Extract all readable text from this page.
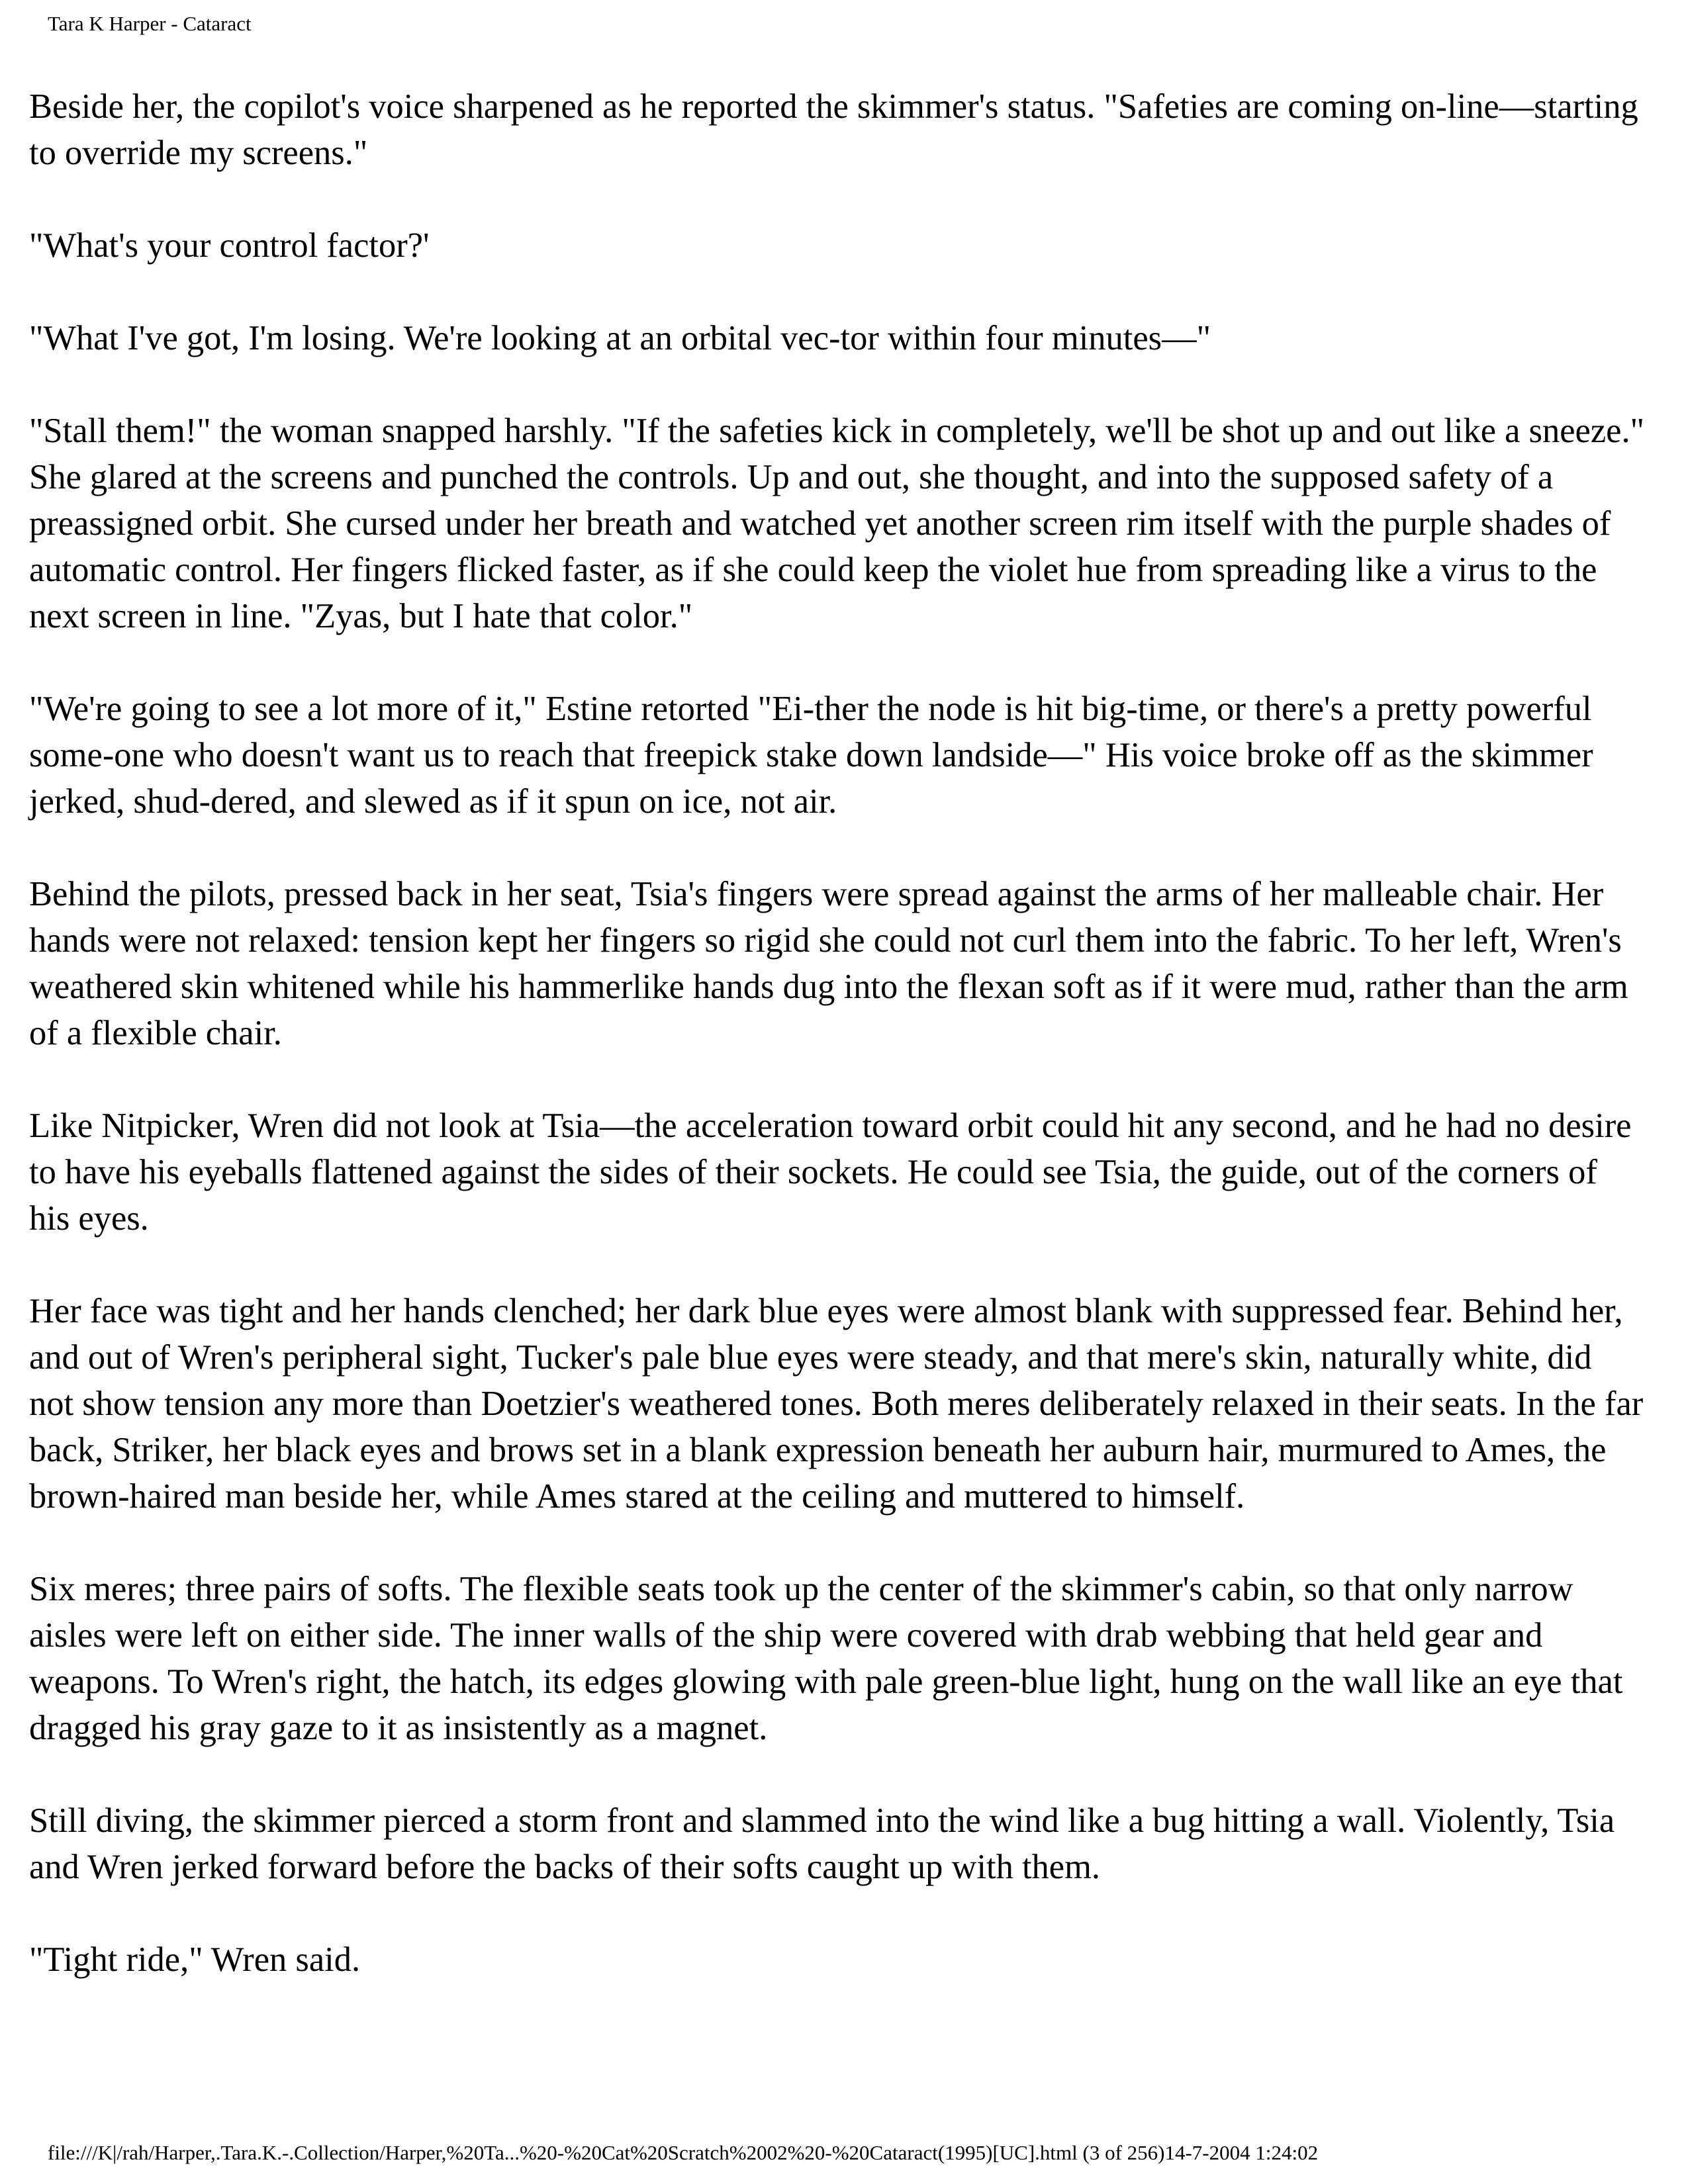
Tara K Harper - Cataract

Beside her, the copilot's voice sharpened as he reported the skimmer's status. "Safeties are coming on-line—starting to override my screens."

"What's your control factor?'

"What I've got, I'm losing. We're looking at an orbital vec-tor within four minutes—"

"Stall them!" the woman snapped harshly. "If the safeties kick in completely, we'll be shot up and out like a sneeze." She glared at the screens and punched the controls. Up and out, she thought, and into the supposed safety of a preassigned orbit. She cursed under her breath and watched yet another screen rim itself with the purple shades of automatic control. Her fingers flicked faster, as if she could keep the violet hue from spreading like a virus to the next screen in line. "Zyas, but I hate that color."

"We're going to see a lot more of it," Estine retorted "Ei-ther the node is hit big-time, or there's a pretty powerful some-one who doesn't want us to reach that freepick stake down landside—" His voice broke off as the skimmer jerked, shud-dered, and slewed as if it spun on ice, not air.

Behind the pilots, pressed back in her seat, Tsia's fingers were spread against the arms of her malleable chair. Her hands were not relaxed: tension kept her fingers so rigid she could not curl them into the fabric. To her left, Wren's weathered skin whitened while his hammerlike hands dug into the flexan soft as if it were mud, rather than the arm of a flexible chair.

Like Nitpicker, Wren did not look at Tsia—the acceleration toward orbit could hit any second, and he had no desire to have his eyeballs flattened against the sides of their sockets. He could see Tsia, the guide, out of the corners of his eyes.

Her face was tight and her hands clenched; her dark blue eyes were almost blank with suppressed fear. Behind her, and out of Wren's peripheral sight, Tucker's pale blue eyes were steady, and that mere's skin, naturally white, did not show tension any more than Doetzier's weathered tones. Both meres deliberately relaxed in their seats. In the far back, Striker, her black eyes and brows set in a blank expression beneath her auburn hair, murmured to Ames, the brown-haired man beside her, while Ames stared at the ceiling and muttered to himself.

Six meres; three pairs of softs. The flexible seats took up the center of the skimmer's cabin, so that only narrow aisles were left on either side. The inner walls of the ship were covered with drab webbing that held gear and weapons. To Wren's right, the hatch, its edges glowing with pale green-blue light, hung on the wall like an eye that dragged his gray gaze to it as insistently as a magnet.

Still diving, the skimmer pierced a storm front and slammed into the wind like a bug hitting a wall. Violently, Tsia and Wren jerked forward before the backs of their softs caught up with them.

"Tight ride," Wren said.

file:///K|/rah/Harper,.Tara.K.-.Collection/Harper,%20Ta...%20-%20Cat%20Scratch%2002%20-%20Cataract(1995)[UC].html (3 of 256)14-7-2004 1:24:02
